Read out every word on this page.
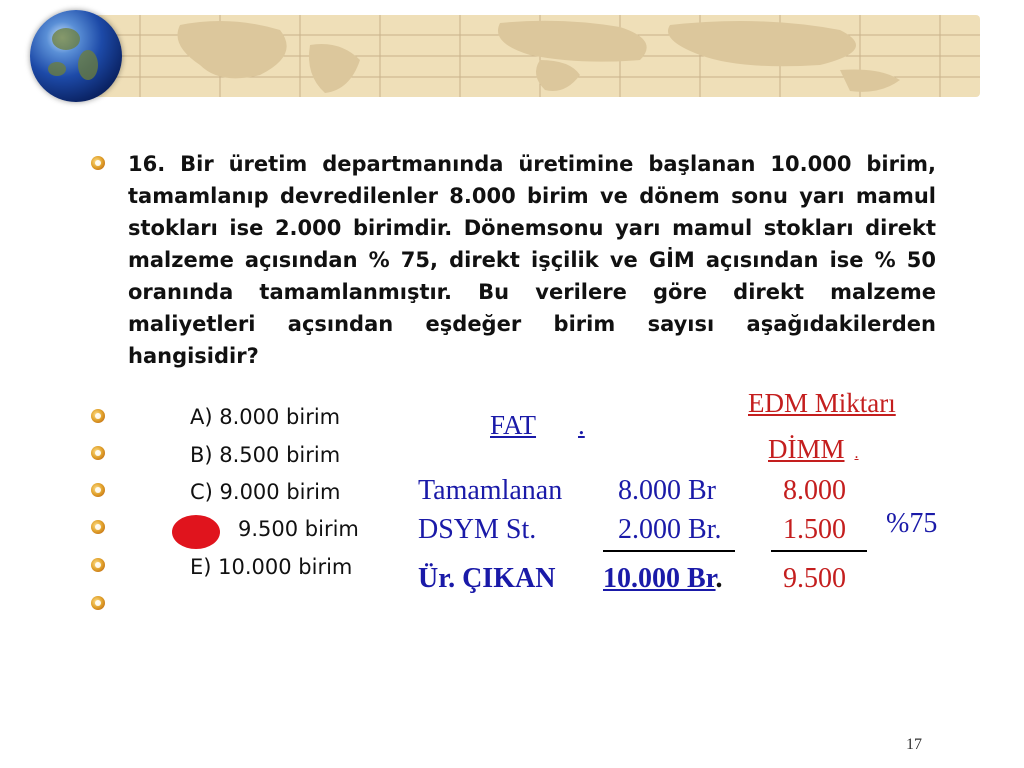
16. Bir üretim departmanında üretimine başlanan 10.000 birim, tamamlanıp devredilenler 8.000 birim ve dönem sonu yarı mamul stokları ise 2.000 birimdir. Dönemsonu yarı mamul stokları direkt malzeme açısından % 75, direkt işçilik ve GİM açısından ise % 50 oranında tamamlanmıştır. Bu verilere göre direkt malzeme maliyetleri açsından eşdeğer birim sayısı aşağıdakilerden hangisidir?
A) 8.000 birim
B) 8.500 birim
C) 9.000 birim
9.500 birim
E) 10.000 birim
FAT .
EDM Miktarı
DİMM .
Tamamlanan 8.000 Br 8.000
DSYM St.	2.000 Br. 1.500 %75
Ür. ÇIKAN 10.000 Br. 9.500
17
